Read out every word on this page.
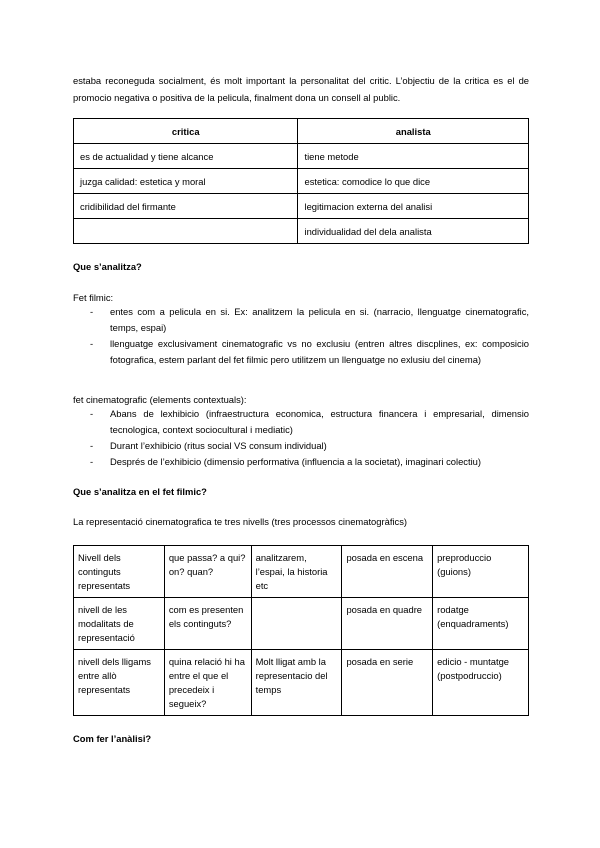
estaba reconeguda socialment, és molt important la personalitat del critic. L’objectiu de la critica es el de promocio negativa o positiva de la pelicula, finalment dona un consell al public.

critica	analista
es de actualidad y tiene alcance	tiene metode
juzga calidad: estetica y moral	estetica: comodice lo que dice
cridibilidad del firmante	legitimacion externa del analisi
	individualidad del dela analista

Que s’analitza?

Fet filmic:

- entes com a pelicula en si. Ex: analitzem la pelicula en si. (narracio, llenguatge cinematografic, temps, espai)
- llenguatge exclusivament cinematografic vs no exclusiu (entren altres discplines, ex: composicio fotografica, estem parlant del fet filmic pero utilitzem un llenguatge no exlusiu del cinema)

fet cinematografic (elements contextuals):

- Abans de lexhibicio (infraestructura economica, estructura financera i empresarial, dimensio tecnologica, context sociocultural i mediatic)
- Durant l’exhibicio (ritus social VS consum individual)
- Després de l’exhibicio (dimensio performativa (influencia a la societat), imaginari colectiu)

Que s’analitza en el fet filmic?

La representació cinematografica te tres nivells (tres processos cinematogràfics)

Nivell dels continguts representats	que passa? a qui? on? quan?	analitzarem, l’espai, la historia etc	posada en escena	preproduccio (guions)
nivell de les modalitats de representació	com es presenten els continguts?		posada en quadre	rodatge (enquadraments)
nivell dels lligams entre allò representats	quina relació hi ha entre el que el precedeix i segueix?	Molt lligat amb la representacio del temps	posada en serie	edicio - muntatge (postpodruccio)

Com fer l’anàlisi?
